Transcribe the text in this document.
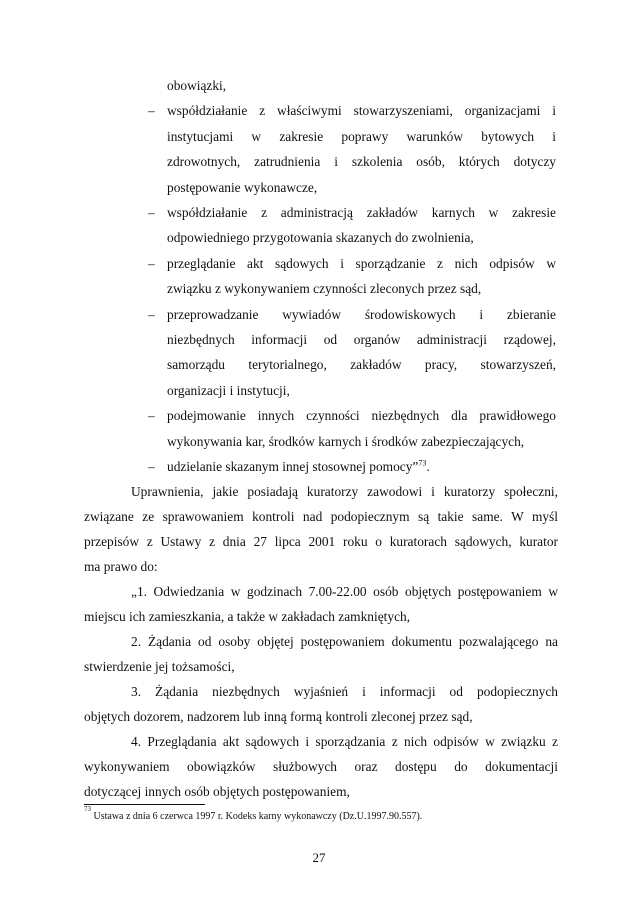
obowiązki,
– współdziałanie z właściwymi stowarzyszeniami, organizacjami i
instytucjami w zakresie poprawy warunków bytowych i
zdrowotnych, zatrudnienia i szkolenia osób, których dotyczy
postępowanie wykonawcze,
– współdziałanie z administracją zakładów karnych w zakresie
odpowiedniego przygotowania skazanych do zwolnienia,
– przeglądanie akt sądowych i sporządzanie z nich odpisów w
związku z wykonywaniem czynności zleconych przez sąd,
– przeprowadzanie wywiadów środowiskowych i zbieranie
niezbędnych informacji od organów administracji rządowej,
samorządu terytorialnego, zakładów pracy, stowarzyszeń,
organizacji i instytucji,
– podejmowanie innych czynności niezbędnych dla prawidłowego
wykonywania kar, środków karnych i środków zabezpieczających,
– udzielanie skazanym innej stosownej pomocy”$^{73}$.
Uprawnienia, jakie posiadają kuratorzy zawodowi i kuratorzy społeczni,
związane ze sprawowaniem kontroli nad podopiecznym są takie same. W myśl
przepisów z Ustawy z dnia 27 lipca 2001 roku o kuratorach sądowych, kurator
ma prawo do:
„1. Odwiedzania w godzinach 7.00-22.00 osób objętych postępowaniem w
miejscu ich zamieszkania, a także w zakładach zamkniętych,
2. Żądania od osoby objętej postępowaniem dokumentu pozwalającego na
stwierdzenie jej tożsamości,
3. Żądania niezbędnych wyjaśnień i informacji od podopiecznych
objętych dozorem, nadzorem lub inną formą kontroli zleconej przez sąd,
4. Przeglądania akt sądowych i sporządzania z nich odpisów w związku z
wykonywaniem obowiązków służbowych oraz dostępu do dokumentacji
dotyczącej innych osób objętych postępowaniem,
$^{73}$ Ustawa z dnia 6 czerwca 1997 r. Kodeks karny wykonawczy (Dz.U.1997.90.557).
27
